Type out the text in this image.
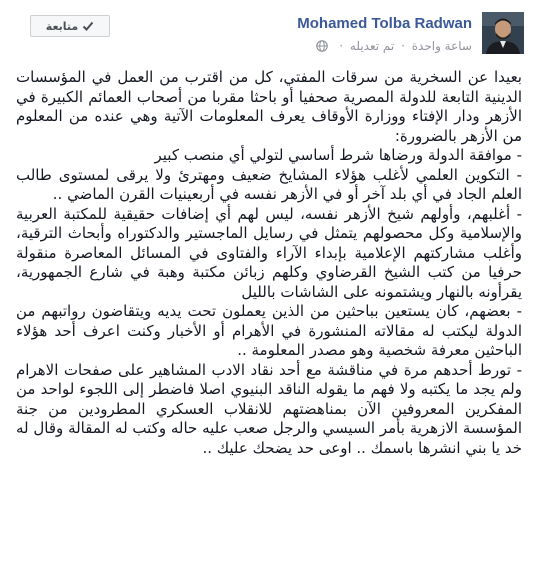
Mohamed Tolba Radwan
ساعة واحدة · تم تعديله ·
متابعة

بعيدا عن السخرية من سرقات المفتي، كل من اقترب من العمل في المؤسسات الدينية التابعة للدولة المصرية صحفيا أو باحثا مقربا من أصحاب العمائم الكبيرة في الأزهر ودار الإفتاء ووزارة الأوقاف يعرف المعلومات الآتية وهي عنده من المعلوم من الأزهر بالضرورة:

- موافقة الدولة ورضاها شرط أساسي لتولي أي منصب كبير

- التكوين العلمي لأغلب هؤلاء المشايخ ضعيف ومهترئ ولا يرقى لمستوى طالب العلم الجاد في أي بلد آخر أو في الأزهر نفسه في أربعينيات القرن الماضي ..

- أغلبهم، وأولهم شيخ الأزهر نفسه، ليس لهم أي إضافات حقيقية للمكتبة العربية والإسلامية وكل محصولهم يتمثل في رسايل الماجستير والدكتوراه وأبحاث الترقية، وأغلب مشاركتهم الإعلامية بإبداء الآراء والفتاوى في المسائل المعاصرة منقولة حرفيا من كتب الشيخ القرضاوي وكلهم زبائن مكتبة وهبة في شارع الجمهورية، يقرأونه بالنهار ويشتمونه على الشاشات بالليل

- بعضهم، كان يستعين بباحثين من الذين يعملون تحت يديه ويتقاضون رواتبهم من الدولة ليكتب له مقالاته المنشورة في الأهرام أو الأخبار وكنت اعرف أحد هؤلاء الباحثين معرفة شخصية وهو مصدر المعلومة ..

- تورط أحدهم مرة في مناقشة مع أحد نقاد الادب المشاهير على صفحات الاهرام ولم يجد ما يكتبه ولا فهم ما يقوله الناقد البنيوي اصلا فاضطر إلى اللجوء لواحد من المفكرين المعروفين الآن بمناهضتهم للانقلاب العسكري المطرودين من جنة المؤسسة الازهرية بأمر السيسي والرجل صعب عليه حاله وكتب له المقالة وقال له خد يا بني انشرها باسمك .. اوعى حد يضحك عليك ..
